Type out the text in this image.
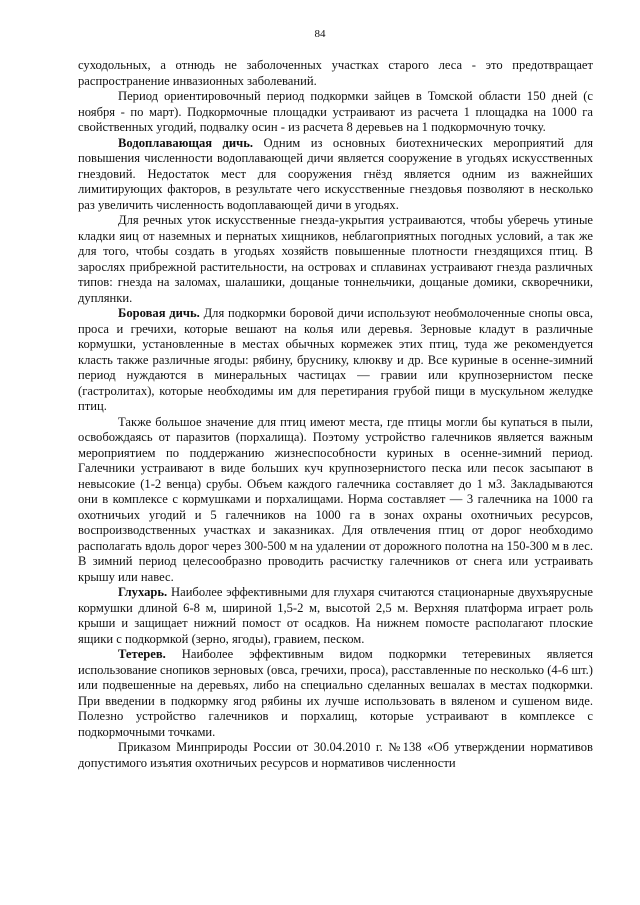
84

суходольных, а отнюдь не заболоченных участках старого леса - это предотвращает распространение инвазионных заболеваний.

Период ориентировочный период подкормки зайцев в Томской области 150 дней (с ноября - по март). Подкормочные площадки устраивают из расчета 1 площадка на 1000 га свойственных угодий, подвалку осин - из расчета 8 деревьев на 1 подкормочную точку.

Водоплавающая дичь. Одним из основных биотехнических мероприятий для повышения численности водоплавающей дичи является сооружение в угодьях искусственных гнездовий. Недостаток мест для сооружения гнёзд является одним из важнейших лимитирующих факторов, в результате чего искусственные гнездовья позволяют в несколько раз увеличить численность водоплавающей дичи в угодьях.

Для речных уток искусственные гнезда-укрытия устраиваются, чтобы уберечь утиные кладки яиц от наземных и пернатых хищников, неблагоприятных погодных условий, а так же для того, чтобы создать в угодьях хозяйств повышенные плотности гнездящихся птиц. В зарослях прибрежной растительности, на островах и сплавинах устраивают гнезда различных типов: гнезда на заломах, шалашики, дощаные тоннельчики, дощаные домики, скворечники, дуплянки.

Боровая дичь. Для подкормки боровой дичи используют необмолоченные снопы овса, проса и гречихи, которые вешают на колья или деревья. Зерновые кладут в различные кормушки, установленные в местах обычных кормежек этих птиц, туда же рекомендуется класть также различные ягоды: рябину, бруснику, клюкву и др. Все куриные в осенне-зимний период нуждаются в минеральных частицах — гравии или крупнозернистом песке (гастролитах), которые необходимы им для перетирания грубой пищи в мускульном желудке птиц.

Также большое значение для птиц имеют места, где птицы могли бы купаться в пыли, освобождаясь от паразитов (порхалища). Поэтому устройство галечников является важным мероприятием по поддержанию жизнеспособности куриных в осенне-зимний период. Галечники устраивают в виде больших куч крупнозернистого песка или песок засыпают в невысокие (1-2 венца) срубы. Объем каждого галечника составляет до 1 м3. Закладываются они в комплексе с кормушками и порхалищами. Норма составляет — 3 галечника на 1000 га охотничьих угодий и 5 галечников на 1000 га в зонах охраны охотничьих ресурсов, воспроизводственных участках и заказниках. Для отвлечения птиц от дорог необходимо располагать вдоль дорог через 300-500 м на удалении от дорожного полотна на 150-300 м в лес. В зимний период целесообразно проводить расчистку галечников от снега или устраивать крышу или навес.

Глухарь. Наиболее эффективными для глухаря считаются стационарные двухъярусные кормушки длиной 6-8 м, шириной 1,5-2 м, высотой 2,5 м. Верхняя платформа играет роль крыши и защищает нижний помост от осадков. На нижнем помосте располагают плоские ящики с подкормкой (зерно, ягоды), гравием, песком.

Тетерев. Наиболее эффективным видом подкормки тетеревиных является использование снопиков зерновых (овса, гречихи, проса), расставленные по несколько (4-6 шт.) или подвешенные на деревьях, либо на специально сделанных вешалах в местах подкормки. При введении в подкормку ягод рябины их лучше использовать в вяленом и сушеном виде. Полезно устройство галечников и порхалищ, которые устраивают в комплексе с подкормочными точками.

Приказом Минприроды России от 30.04.2010 г. №138 «Об утверждении нормативов допустимого изъятия охотничьих ресурсов и нормативов численности
